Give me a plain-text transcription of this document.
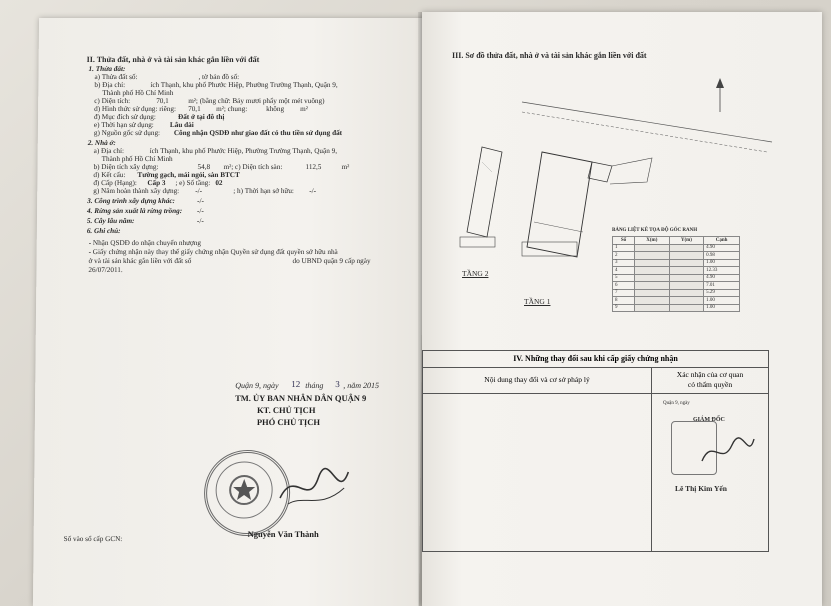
II. Thửa đất, nhà ở và tài sản khác gắn liền với đất
1. Thửa đất:
a) Thửa đất số:	, tờ bản đồ số:
b) Địa chỉ:	ích Thạnh, khu phố Phước Hiệp, Phường Trường Thạnh, Quận 9,
Thành phố Hồ Chí Minh
c) Diện tích:	70,1	m²; (bằng chữ: Bảy mươi phẩy một mét vuông)
d) Hình thức sử dụng: riêng: 70,1 m²; chung:	không m²
đ) Mục đích sử dụng:	Đất ở tại đô thị
e) Thời hạn sử dụng: Lâu dài
g) Nguồn gốc sử dụng: Công nhận QSDĐ như giao đất có thu tiền sử dụng đất
2. Nhà ở:
a) Địa chỉ:	ích Thạnh, khu phố Phước Hiệp, Phường Trường Thạnh, Quận 9,
Thành phố Hồ Chí Minh
b) Diện tích xây dựng:	54,8 m²; c) Diện tích sàn:	112,5	m²
d) Kết cấu: Tường gạch, mái ngói, sàn BTCT
đ) Cấp (Hạng): Cấp 3 ; e) Số tầng: 02
g) Năm hoàn thành xây dựng: -/-	; h) Thời hạn sở hữu: -/-
3. Công trình xây dựng khác:	-/-
4. Rừng sản xuất là rừng trồng: -/-
5. Cây lâu năm:	-/-
6. Ghi chú:
- Nhận QSDĐ do nhận chuyển nhượng
- Giấy chứng nhận này thay thế giấy chứng nhận Quyền sử dụng đất quyền sở hữu nhà
ở và tài sản khác gắn liền với đất số	do UBND quận 9 cấp ngày
26/07/2011.
Quận 9, ngày 12 tháng 3 , năm 2015
TM. ỦY BAN NHÂN DÂN QUẬN 9
KT. CHỦ TỊCH
PHÓ CHỦ TỊCH
Nguyễn Văn Thành
Số vào sổ cấp GCN:
III. Sơ đồ thửa đất, nhà ở và tài sản khác gắn liền với đất
TẦNG 2
TẦNG 1
BẢNG LIỆT KÊ TỌA ĐỘ GÓC RANH
Số	X(m)	Y(m)	Cạnh
1			4.90
2			0.98
3			1.00
4			12.33
5			4.90
6			7.01
7			5.29
8			1.00
9			1.00
IV. Những thay đổi sau khi cấp giấy chứng nhận
Nội dung thay đổi và cơ sở pháp lý
Xác nhận của cơ quan
có thẩm quyền
Quận 9, ngày
GIÁM ĐỐC
Lê Thị Kim Yến
